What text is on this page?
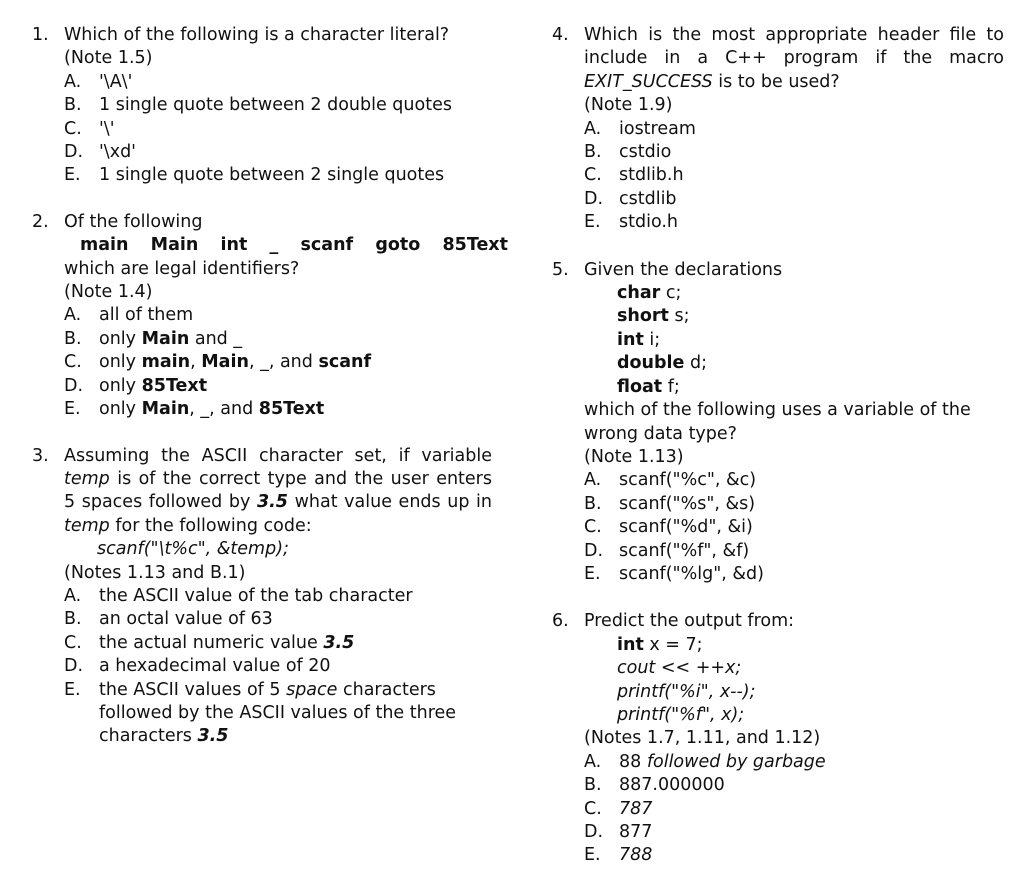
1. Which of the following is a character literal?
(Note 1.5)
A. '\A\'
B. 1 single quote between 2 double quotes
C. '\'
D. '\xd'
E. 1 single quote between 2 single quotes
2. Of the following
main  Main  int  _  scanf  goto  85Text
which are legal identifiers?
(Note 1.4)
A. all of them
B. only Main and _
C. only main, Main, _, and scanf
D. only 85Text
E. only Main, _, and 85Text
3. Assuming the ASCII character set, if variable temp is of the correct type and the user enters 5 spaces followed by 3.5 what value ends up in temp for the following code:
scanf("\t%c", &temp);
(Notes 1.13 and B.1)
A. the ASCII value of the tab character
B. an octal value of 63
C. the actual numeric value 3.5
D. a hexadecimal value of 20
E. the ASCII values of 5 space characters followed by the ASCII values of the three characters 3.5
4. Which is the most appropriate header file to include in a C++ program if the macro EXIT_SUCCESS is to be used?
(Note 1.9)
A. iostream
B. cstdio
C. stdlib.h
D. cstdlib
E. stdio.h
5. Given the declarations
char c;
short s;
int i;
double d;
float f;
which of the following uses a variable of the wrong data type?
(Note 1.13)
A. scanf("%c", &c)
B. scanf("%s", &s)
C. scanf("%d", &i)
D. scanf("%f", &f)
E. scanf("%lg", &d)
6. Predict the output from:
int x = 7;
cout << ++x;
printf("%i", x--);
printf("%f", x);
(Notes 1.7, 1.11, and 1.12)
A. 88 followed by garbage
B. 887.000000
C. 787
D. 877
E. 788
